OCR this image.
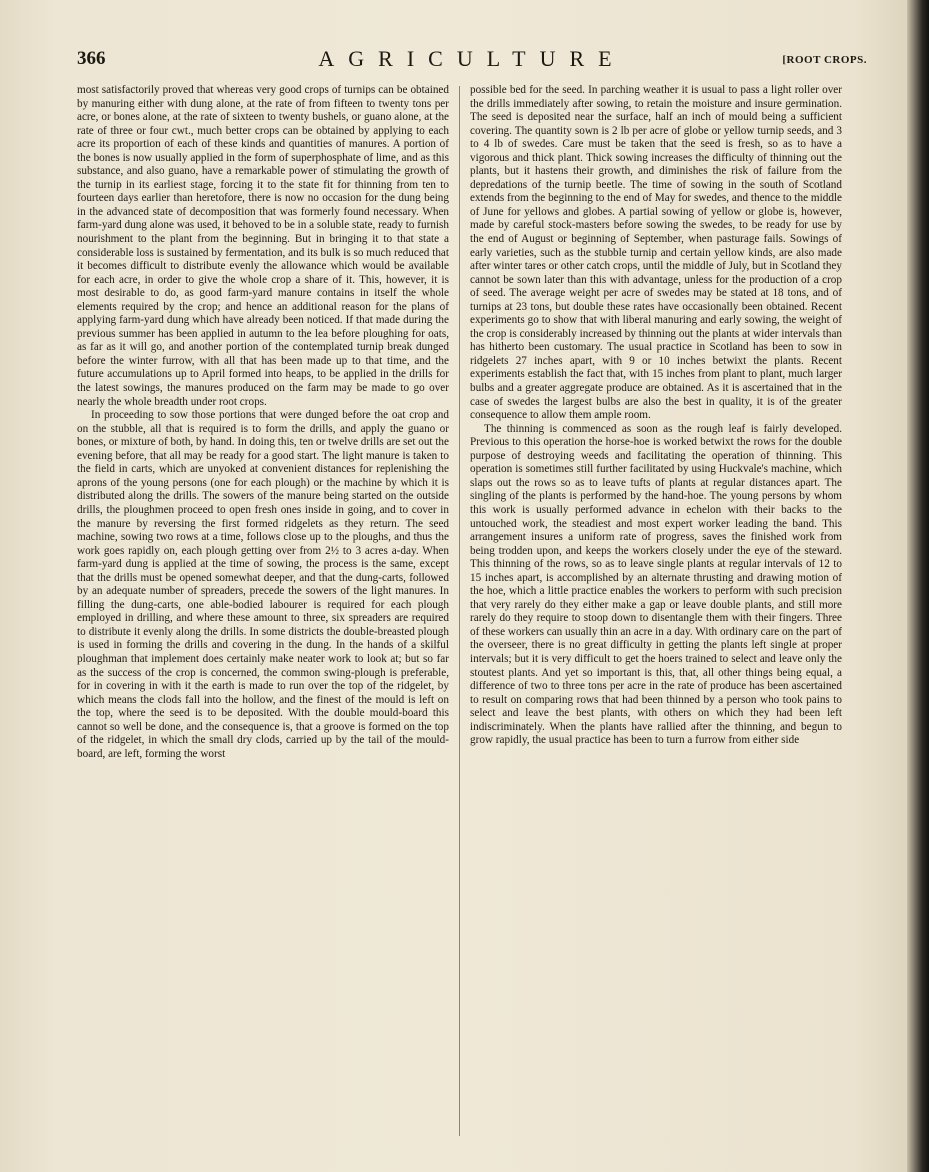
366	AGRICULTURE	[ROOT CROPS.

most satisfactorily proved that whereas very good crops of turnips can be obtained by manuring either with dung alone, at the rate of from fifteen to twenty tons per acre, or bones alone, at the rate of sixteen to twenty bushels, or guano alone, at the rate of three or four cwt., much better crops can be obtained by applying to each acre its proportion of each of these kinds and quantities of manures. A portion of the bones is now usually applied in the form of superphosphate of lime, and as this substance, and also guano, have a remarkable power of stimulating the growth of the turnip in its earliest stage, forcing it to the state fit for thinning from ten to fourteen days earlier than heretofore, there is now no occasion for the dung being in the advanced state of decomposition that was formerly found necessary. When farm-yard dung alone was used, it behoved to be in a soluble state, ready to furnish nourishment to the plant from the beginning. But in bringing it to that state a considerable loss is sustained by fermentation, and its bulk is so much reduced that it becomes difficult to distribute evenly the allowance which would be available for each acre, in order to give the whole crop a share of it. This, however, it is most desirable to do, as good farm-yard manure contains in itself the whole elements required by the crop; and hence an additional reason for the plans of applying farm-yard dung which have already been noticed. If that made during the previous summer has been applied in autumn to the lea before ploughing for oats, as far as it will go, and another portion of the contemplated turnip break dunged before the winter furrow, with all that has been made up to that time, and the future accumulations up to April formed into heaps, to be applied in the drills for the latest sowings, the manures produced on the farm may be made to go over nearly the whole breadth under root crops.

In proceeding to sow those portions that were dunged before the oat crop and on the stubble, all that is required is to form the drills, and apply the guano or bones, or mixture of both, by hand. In doing this, ten or twelve drills are set out the evening before, that all may be ready for a good start. The light manure is taken to the field in carts, which are unyoked at convenient distances for replenishing the aprons of the young persons (one for each plough) or the machine by which it is distributed along the drills. The sowers of the manure being started on the outside drills, the ploughmen proceed to open fresh ones inside in going, and to cover in the manure by reversing the first formed ridgelets as they return. The seed machine, sowing two rows at a time, follows close up to the ploughs, and thus the work goes rapidly on, each plough getting over from 2½ to 3 acres a-day. When farm-yard dung is applied at the time of sowing, the process is the same, except that the drills must be opened somewhat deeper, and that the dung-carts, followed by an adequate number of spreaders, precede the sowers of the light manures. In filling the dung-carts, one able-bodied labourer is required for each plough employed in drilling, and where these amount to three, six spreaders are required to distribute it evenly along the drills. In some districts the double-breasted plough is used in forming the drills and covering in the dung. In the hands of a skilful ploughman that implement does certainly make neater work to look at; but so far as the success of the crop is concerned, the common swing-plough is preferable, for in covering in with it the earth is made to run over the top of the ridgelet, by which means the clods fall into the hollow, and the finest of the mould is left on the top, where the seed is to be deposited. With the double mould-board this cannot so well be done, and the consequence is, that a groove is formed on the top of the ridgelet, in which the small dry clods, carried up by the tail of the mould-board, are left, forming the worst

possible bed for the seed. In parching weather it is usual to pass a light roller over the drills immediately after sowing, to retain the moisture and insure germination. The seed is deposited near the surface, half an inch of mould being a sufficient covering. The quantity sown is 2 lb per acre of globe or yellow turnip seeds, and 3 to 4 lb of swedes. Care must be taken that the seed is fresh, so as to have a vigorous and thick plant. Thick sowing increases the difficulty of thinning out the plants, but it hastens their growth, and diminishes the risk of failure from the depredations of the turnip beetle. The time of sowing in the south of Scotland extends from the beginning to the end of May for swedes, and thence to the middle of June for yellows and globes. A partial sowing of yellow or globe is, however, made by careful stock-masters before sowing the swedes, to be ready for use by the end of August or beginning of September, when pasturage fails. Sowings of early varieties, such as the stubble turnip and certain yellow kinds, are also made after winter tares or other catch crops, until the middle of July, but in Scotland they cannot be sown later than this with advantage, unless for the production of a crop of seed. The average weight per acre of swedes may be stated at 18 tons, and of turnips at 23 tons, but double these rates have occasionally been obtained. Recent experiments go to show that with liberal manuring and early sowing, the weight of the crop is considerably increased by thinning out the plants at wider intervals than has hitherto been customary. The usual practice in Scotland has been to sow in ridgelets 27 inches apart, with 9 or 10 inches betwixt the plants. Recent experiments establish the fact that, with 15 inches from plant to plant, much larger bulbs and a greater aggregate produce are obtained. As it is ascertained that in the case of swedes the largest bulbs are also the best in quality, it is of the greater consequence to allow them ample room.

The thinning is commenced as soon as the rough leaf is fairly developed. Previous to this operation the horse-hoe is worked betwixt the rows for the double purpose of destroying weeds and facilitating the operation of thinning. This operation is sometimes still further facilitated by using Huckvale's machine, which slaps out the rows so as to leave tufts of plants at regular distances apart. The singling of the plants is performed by the hand-hoe. The young persons by whom this work is usually performed advance in echelon with their backs to the untouched work, the steadiest and most expert worker leading the band. This arrangement insures a uniform rate of progress, saves the finished work from being trodden upon, and keeps the workers closely under the eye of the steward. This thinning of the rows, so as to leave single plants at regular intervals of 12 to 15 inches apart, is accomplished by an alternate thrusting and drawing motion of the hoe, which a little practice enables the workers to perform with such precision that very rarely do they either make a gap or leave double plants, and still more rarely do they require to stoop down to disentangle them with their fingers. Three of these workers can usually thin an acre in a day. With ordinary care on the part of the overseer, there is no great difficulty in getting the plants left single at proper intervals; but it is very difficult to get the hoers trained to select and leave only the stoutest plants. And yet so important is this, that, all other things being equal, a difference of two to three tons per acre in the rate of produce has been ascertained to result on comparing rows that had been thinned by a person who took pains to select and leave the best plants, with others on which they had been left indiscriminately. When the plants have rallied after the thinning, and begun to grow rapidly, the usual practice has been to turn a furrow from either side
